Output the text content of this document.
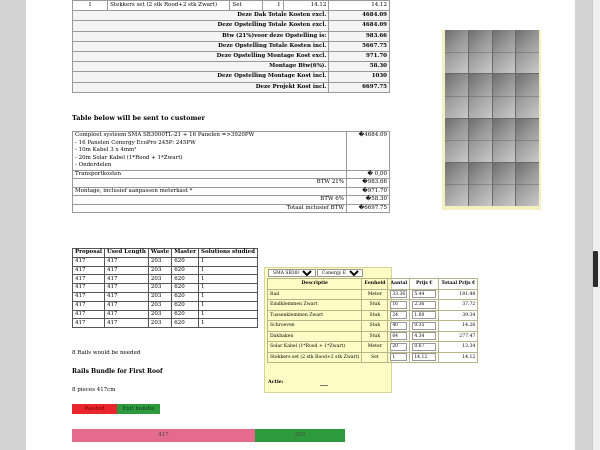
1	Stekkers set (2 stk Rood+2 stk Zwart)	Set	1	14.12	14.12
Deze Dak Totale Kosten excl.					4684.09
Deze Opstelling Totale Kosten excl.					4684.09
Btw (21%)voor deze Opstelling is:					983.66
Deze Opstelling Totale Kosten incl.					5667.75
Deze Opstelling Montage Kost excl.					971.70
Montage Btw(6%).					58.30
Deze Opstelling Montage Kost incl.					1030
Deze Projekt Kost incl.					6697.75
Table below will be sent to customer
Compleet systeem SMA SB3000TL-21 + 16 Panelen =>3920PW
- 16 Panelen Conergy EcoPro 245P: 245PW
- 10m Kabel 3 x 4mm²
- 20m Solar Kabel (1*Rood + 1*Zwart)
- Onderdelen	�4684.09
Transportkosten	� 0,00
BTW 21%	�983.66
Montage, inclusief aanpassen meterkast *	�971.70
BTW 6%	�58.30
Totaal inclusief BTW	�6697.75
Proposal	Used Length	Waste	Master	Solutions studied
417	417	203	620	1
417	417	203	620	1
417	417	203	620	1
417	417	203	620	1
417	417	203	620	1
417	417	203	620	1
417	417	203	620	1
417	417	203	620	1
8 Rails would be needed
Rails Bundle for First Roof
8 pieces 417cm
Wasted	Exit bundle
417	203
SMA SB3000TL-21
Conergy EcoPro 245P
Descriptie	Eenheid	Aantal	Prijs €	Totaal Prijs €
Rail	Meter	33.36	5.44	181.48
Eindklemmen Zwart	Stuk	16	2.36	37.72
Tussenklemmen Zwart	Stuk	24	1.60	39.34
Schroeven	Stuk	40	0.35	14.26
Dakhaken	Stuk	64	4.34	277.47
Solar Kabel (1*Rood + 1*Zwart)	Meter	20	0.67	13.34
Stekkers set (2 stk Rood+2 stk Zwart)	Set	1	14.12	14.12
Actie:
